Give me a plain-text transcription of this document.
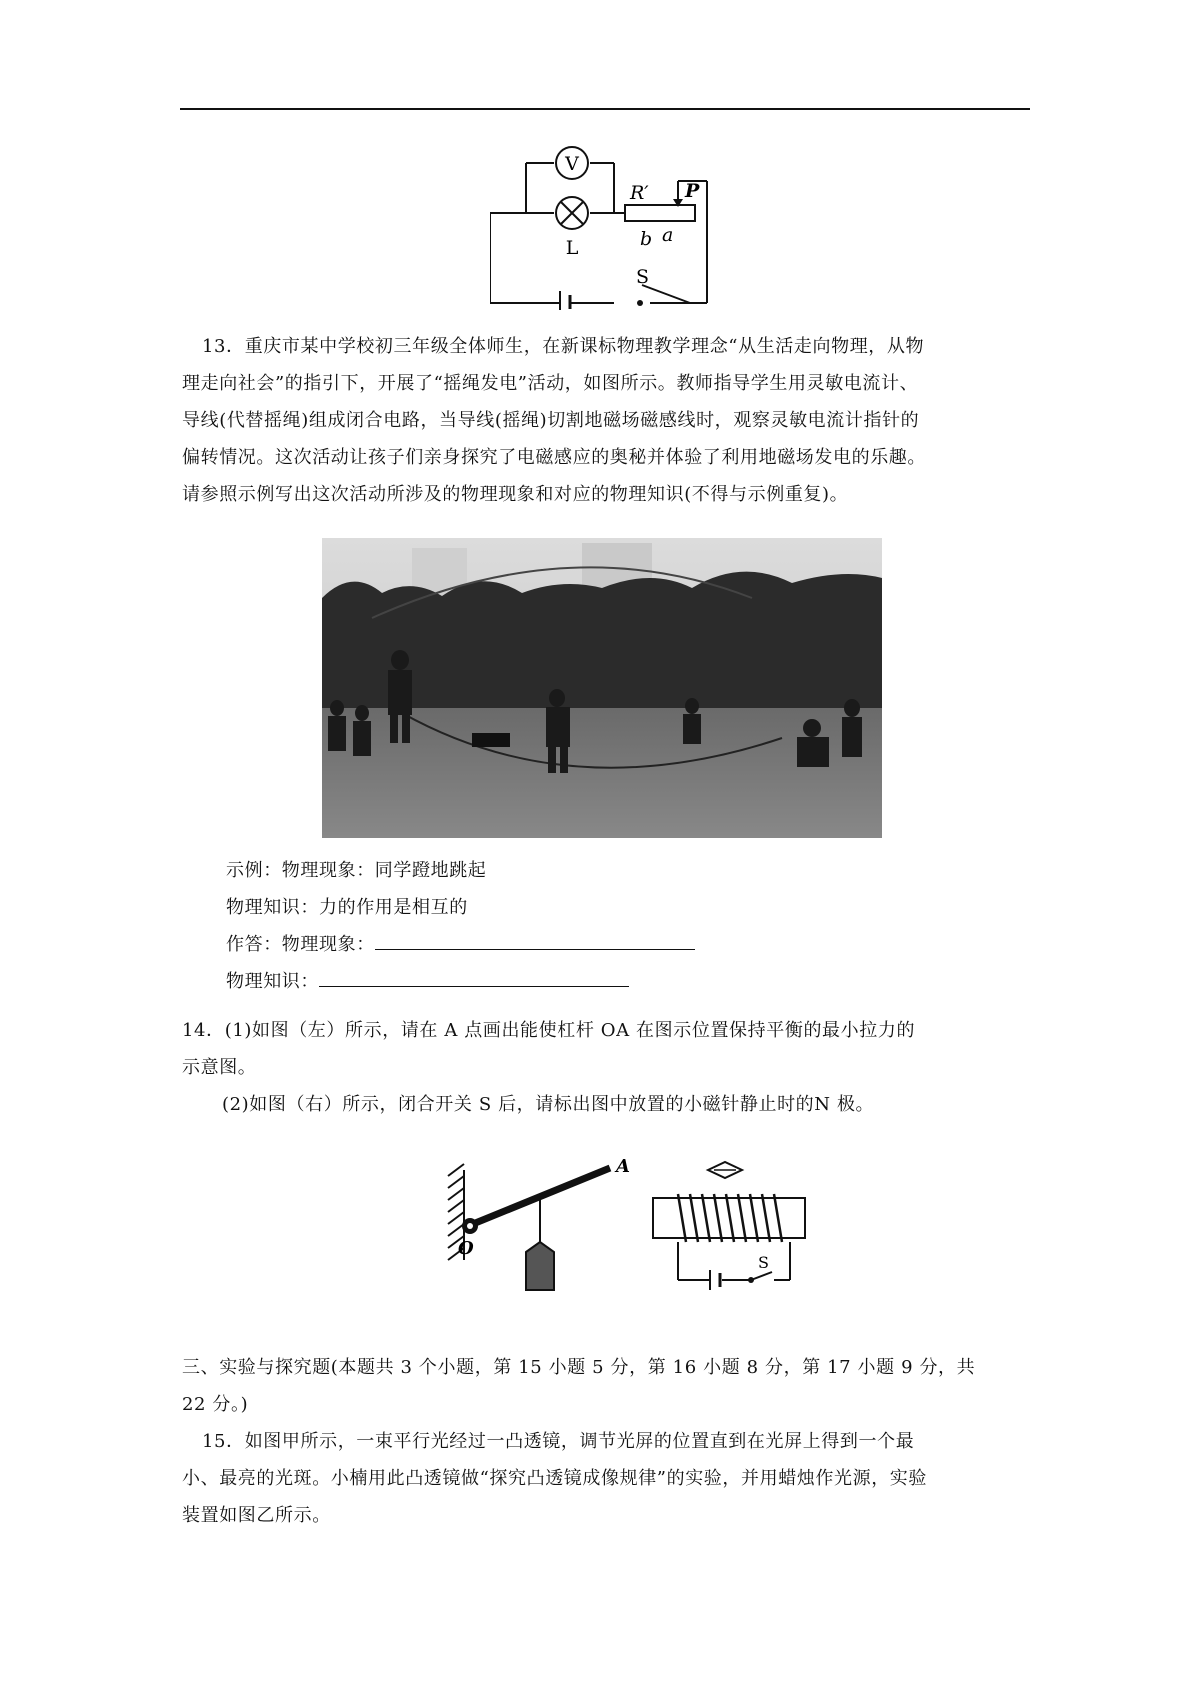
V
L
R′ P
b a
S
13．重庆市某中学校初三年级全体师生，在新课标物理教学理念“从生活走向物理，从物
理走向社会”的指引下，开展了“摇绳发电”活动，如图所示。教师指导学生用灵敏电流计、
导线(代替摇绳)组成闭合电路，当导线(摇绳)切割地磁场磁感线时，观察灵敏电流计指针的
偏转情况。这次活动让孩子们亲身探究了电磁感应的奥秘并体验了利用地磁场发电的乐趣。
请参照示例写出这次活动所涉及的物理现象和对应的物理知识(不得与示例重复)。
示例：物理现象：同学蹬地跳起
物理知识：力的作用是相互的
作答：物理现象：
物理知识：
14．(1)如图（左）所示，请在 A 点画出能使杠杆 OA 在图示位置保持平衡的最小拉力的
示意图。
(2)如图（右）所示，闭合开关 S 后，请标出图中放置的小磁针静止时的N 极。
O
A
S
三、实验与探究题(本题共 3 个小题，第 15 小题 5 分，第 16 小题 8 分，第 17 小题 9 分，共
22 分。)
15．如图甲所示，一束平行光经过一凸透镜，调节光屏的位置直到在光屏上得到一个最
小、最亮的光斑。小楠用此凸透镜做“探究凸透镜成像规律”的实验，并用蜡烛作光源，实验
装置如图乙所示。
